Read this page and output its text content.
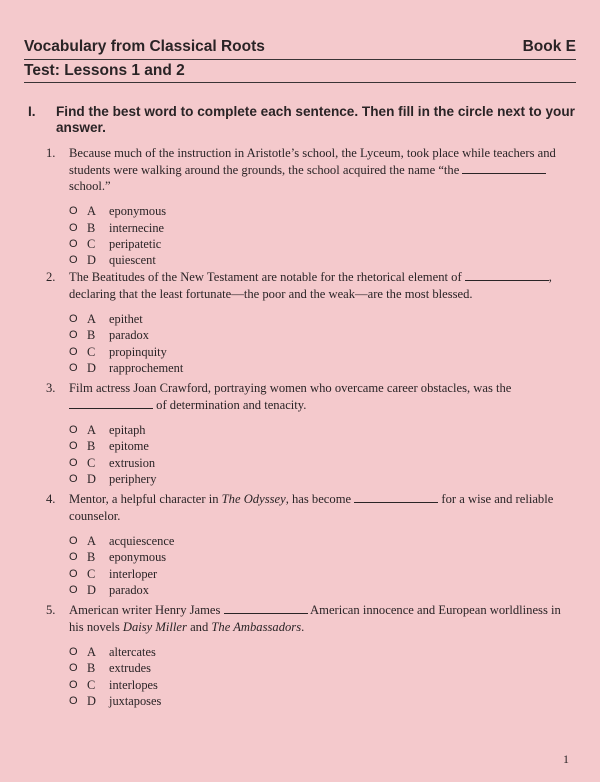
Vocabulary from Classical Roots	Book E
Test: Lessons 1 and 2
I.	Find the best word to complete each sentence. Then fill in the circle next to your answer.
1.	Because much of the instruction in Aristotle’s school, the Lyceum, took place while teachers and students were walking around the grounds, the school acquired the name “the  school.”
O A	eponymous
O B	internecine
O C	peripatetic
O D	quiescent
2.	The Beatitudes of the New Testament are notable for the rhetorical element of	, declaring that the least fortunate—the poor and the weak—are the most blessed.
O A	epithet
O B	paradox
O C	propinquity
O D	rapprochement
3.	Film actress Joan Crawford, portraying women who overcame career obstacles, was the  of determination and tenacity.
O A	epitaph
O B	epitome
O C	extrusion
O D	periphery
4.	Mentor, a helpful character in The Odyssey, has become	for a wise and reliable counselor.
O A	acquiescence
O B	eponymous
O C	interloper
O D	paradox
5.	American writer Henry James	American innocence and European worldliness in his novels Daisy Miller and The Ambassadors.
O A	altercates
O B	extrudes
O C	interlopes
O D	juxtaposes
1
